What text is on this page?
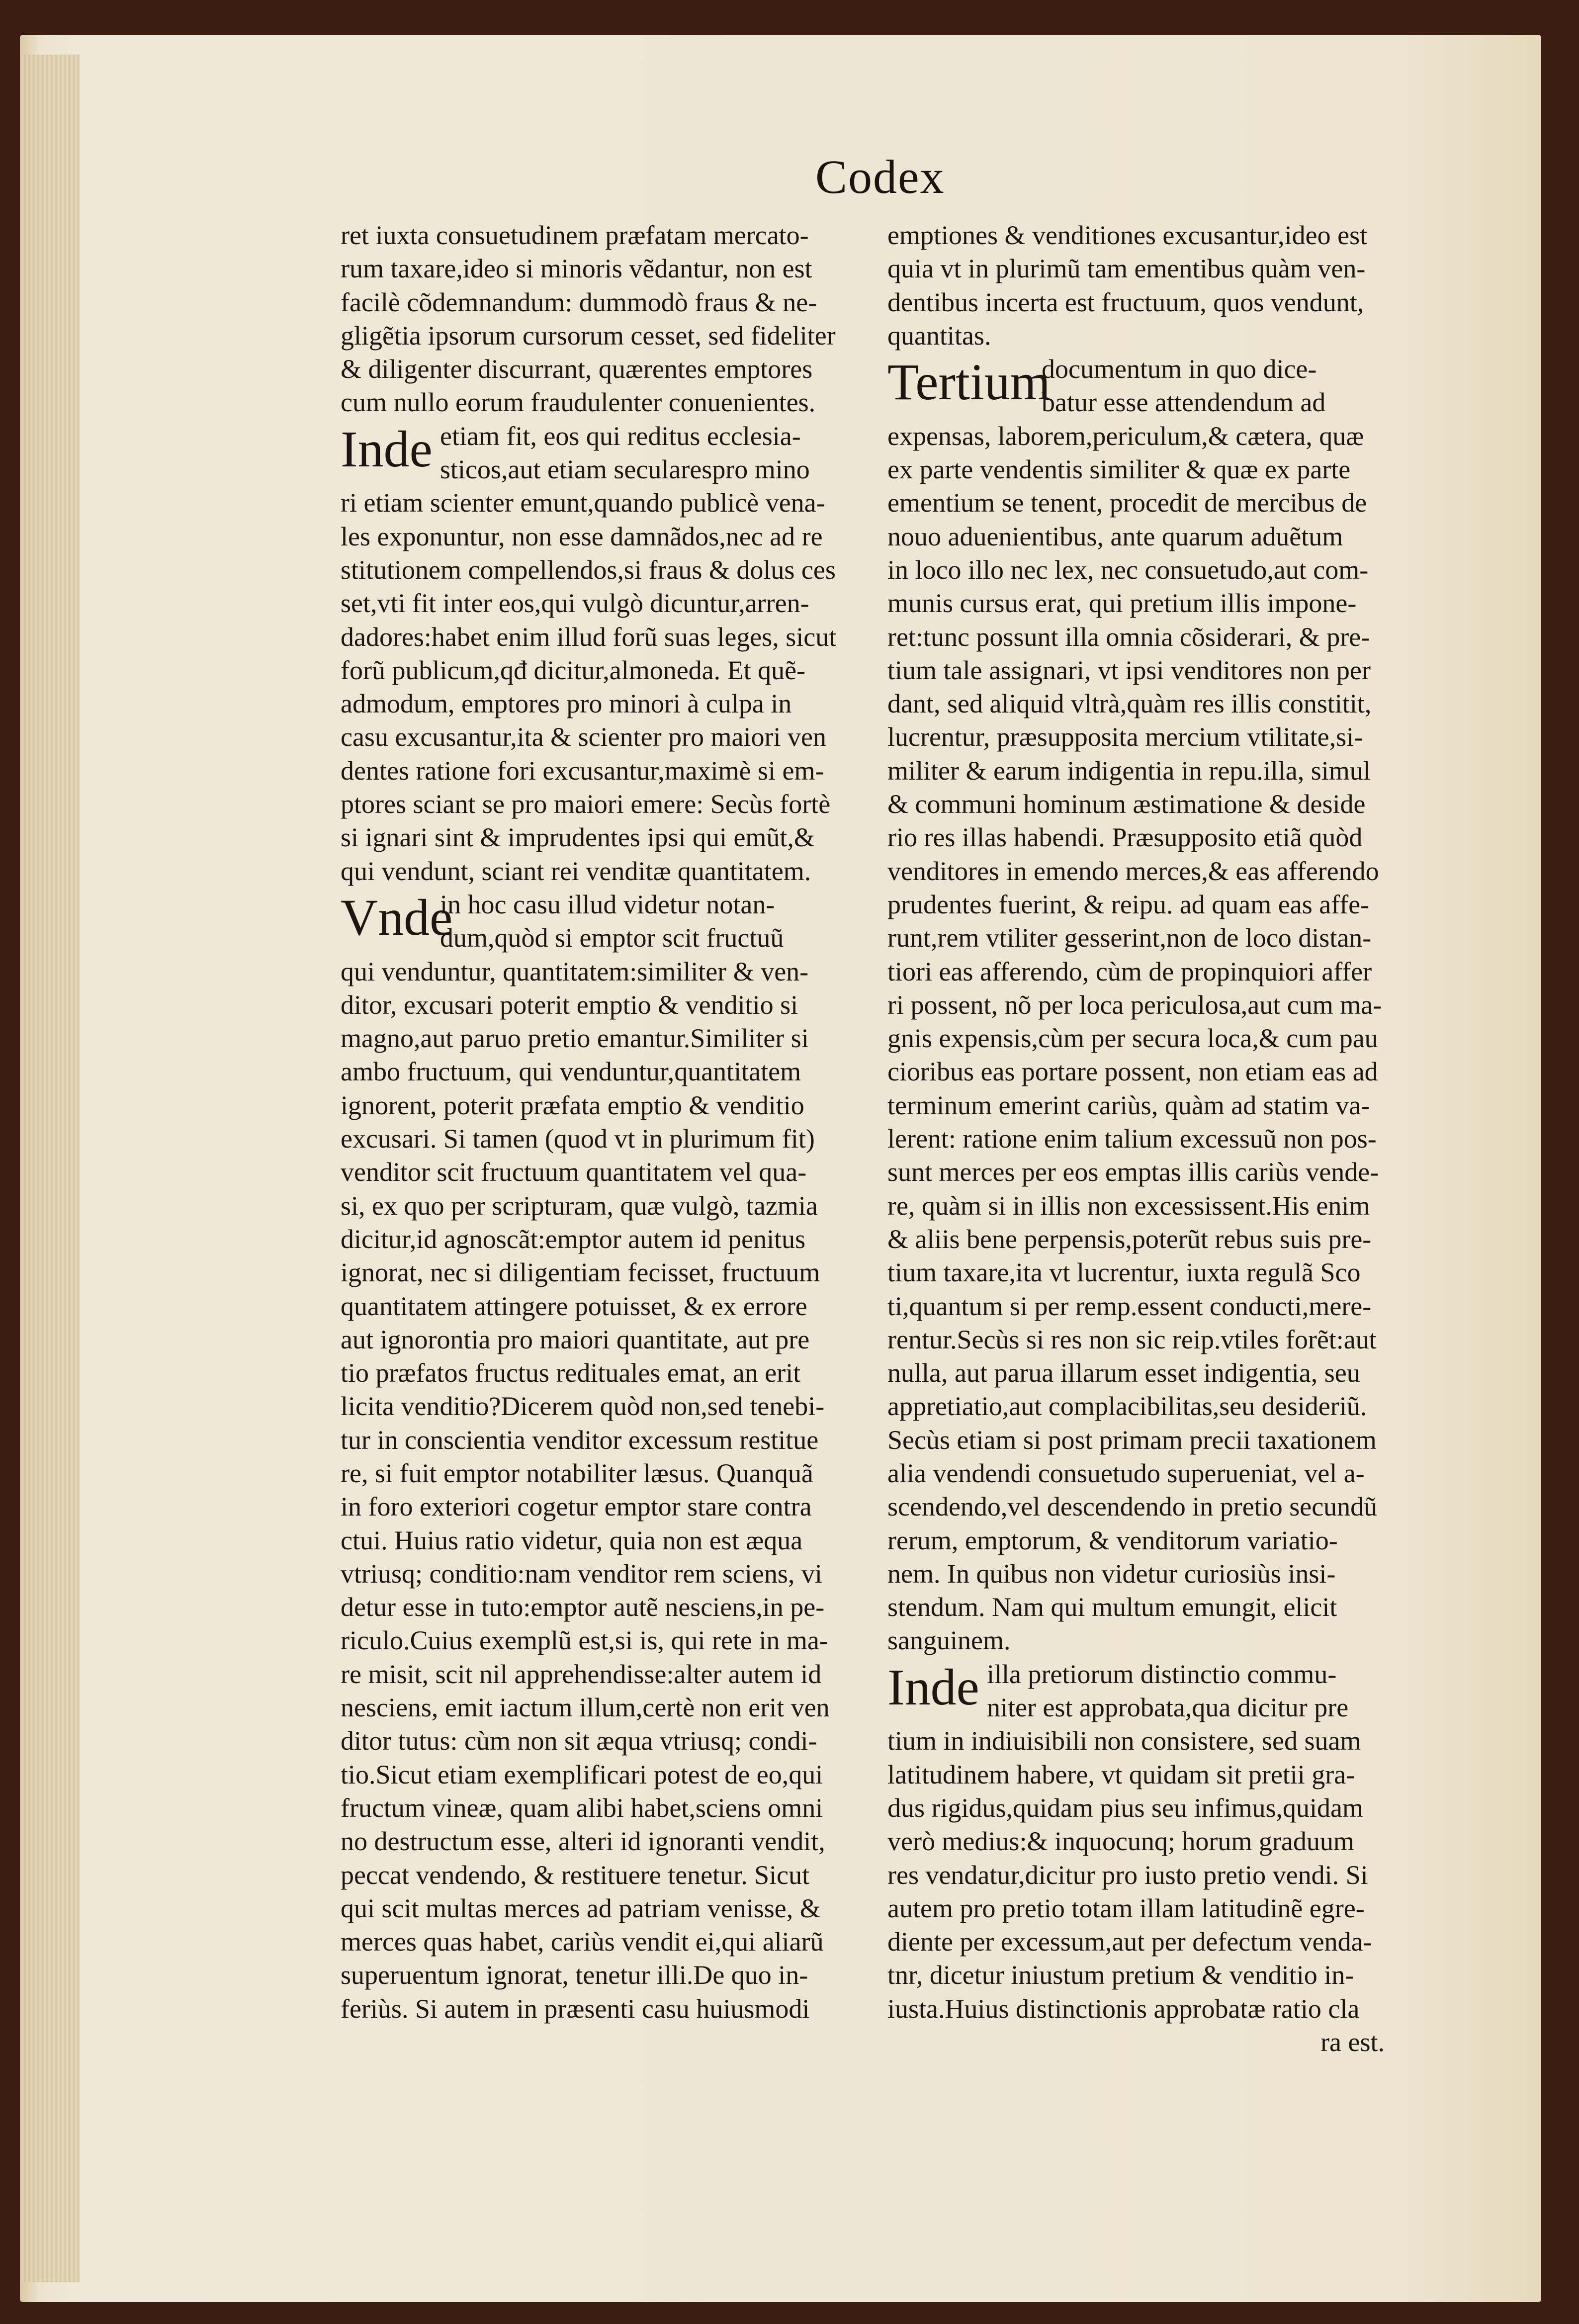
Codex
ret iuxta consuetudinem præfatam mercato-
rum taxare,ideo si minoris vẽdantur, non est
facilè cõdemnandum: dummodò fraus & ne-
gligẽtia ipsorum cursorum cesset, sed fideliter
& diligenter discurrant, quærentes emptores
cum nullo eorum fraudulenter conuenientes.
Inde etiam fit, eos qui reditus ecclesia-
sticos,aut etiam secularespro mino
ri etiam scienter emunt,quando publicè vena-
les exponuntur, non esse damnãdos,nec ad re
stitutionem compellendos,si fraus & dolus ces
set,vti fit inter eos,qui vulgò dicuntur,arren-
dadores:habet enim illud forũ suas leges, sicut
forũ publicum,qđ dicitur,almoneda. Et quẽ-
admodum, emptores pro minori à culpa in
casu excusantur,ita & scienter pro maiori ven
dentes ratione fori excusantur,maximè si em-
ptores sciant se pro maiori emere: Secùs fortè
si ignari sint & imprudentes ipsi qui emũt,&
qui vendunt, sciant rei venditæ quantitatem.
Vnde
in hoc casu illud videtur notan-
dum,quòd si emptor scit fructuũ
qui venduntur, quantitatem:similiter & ven-
ditor, excusari poterit emptio & venditio si
magno,aut paruo pretio emantur.Similiter si
ambo fructuum, qui venduntur,quantitatem
ignorent, poterit præfata emptio & venditio
excusari. Si tamen (quod vt in plurimum fit)
venditor scit fructuum quantitatem vel qua-
si, ex quo per scripturam, quæ vulgò, tazmia
dicitur,id agnoscãt:emptor autem id penitus
ignorat, nec si diligentiam fecisset, fructuum
quantitatem attingere potuisset, & ex errore
aut ignorontia pro maiori quantitate, aut pre
tio præfatos fructus redituales emat, an erit
licita venditio?Dicerem quòd non,sed tenebi-
tur in conscientia venditor excessum restitue
re, si fuit emptor notabiliter læsus. Quanquã
in foro exteriori cogetur emptor stare contra
ctui. Huius ratio videtur, quia non est æqua
vtriusq; conditio:nam venditor rem sciens, vi
detur esse in tuto:emptor autẽ nesciens,in pe-
riculo.Cuius exemplũ est,si is, qui rete in ma-
re misit, scit nil apprehendisse:alter autem id
nesciens, emit iactum illum,certè non erit ven
ditor tutus: cùm non sit æqua vtriusq; condi-
tio.Sicut etiam exemplificari potest de eo,qui
fructum vineæ, quam alibi habet,sciens omni
no destructum esse, alteri id ignoranti vendit,
peccat vendendo, & restituere tenetur. Sicut
qui scit multas merces ad patriam venisse, &
merces quas habet, cariùs vendit ei,qui aliarũ
superuentum ignorat, tenetur illi.De quo in-
feriùs. Si autem in præsenti casu huiusmodi
emptiones & venditiones excusantur,ideo est
quia vt in plurimũ tam ementibus quàm ven-
dentibus incerta est fructuum, quos vendunt,
quantitas.
Tertium
documentum in quo dice-
batur esse attendendum ad
expensas, laborem,periculum,& cætera, quæ
ex parte vendentis similiter & quæ ex parte
ementium se tenent, procedit de mercibus de
nouo aduenientibus, ante quarum aduẽtum
in loco illo nec lex, nec consuetudo,aut com-
munis cursus erat, qui pretium illis impone-
ret:tunc possunt illa omnia cõsiderari, & pre-
tium tale assignari, vt ipsi venditores non per
dant, sed aliquid vltrà,quàm res illis constitit,
lucrentur, præsupposita mercium vtilitate,si-
militer & earum indigentia in repu.illa, simul
& communi hominum æstimatione & deside
rio res illas habendi. Præsupposito etiã quòd
venditores in emendo merces,& eas afferendo
prudentes fuerint, & reipu. ad quam eas affe-
runt,rem vtiliter gesserint,non de loco distan-
tiori eas afferendo, cùm de propinquiori affer
ri possent, nõ per loca periculosa,aut cum ma-
gnis expensis,cùm per secura loca,& cum pau
cioribus eas portare possent, non etiam eas ad
terminum emerint cariùs, quàm ad statim va-
lerent: ratione enim talium excessuũ non pos-
sunt merces per eos emptas illis cariùs vende-
re, quàm si in illis non excessissent.His enim
& aliis bene perpensis,poterũt rebus suis pre-
tium taxare,ita vt lucrentur, iuxta regulã Sco
ti,quantum si per remp.essent conducti,mere-
rentur.Secùs si res non sic reip.vtiles forẽt:aut
nulla, aut parua illarum esset indigentia, seu
appretiatio,aut complacibilitas,seu desideriũ.
Secùs etiam si post primam precii taxationem
alia vendendi consuetudo superueniat, vel a-
scendendo,vel descendendo in pretio secundũ
rerum, emptorum, & venditorum variatio-
nem. In quibus non videtur curiosiùs insi-
stendum. Nam qui multum emungit, elicit
sanguinem.
Inde illa pretiorum distinctio commu-
niter est approbata,qua dicitur pre
tium in indiuisibili non consistere, sed suam
latitudinem habere, vt quidam sit pretii gra-
dus rigidus,quidam pius seu infimus,quidam
verò medius:& inquocunq; horum graduum
res vendatur,dicitur pro iusto pretio vendi. Si
autem pro pretio totam illam latitudinẽ egre-
diente per excessum,aut per defectum venda-
tnr, dicetur iniustum pretium & venditio in-
iusta.Huius distinctionis approbatæ ratio cla
ra est.
